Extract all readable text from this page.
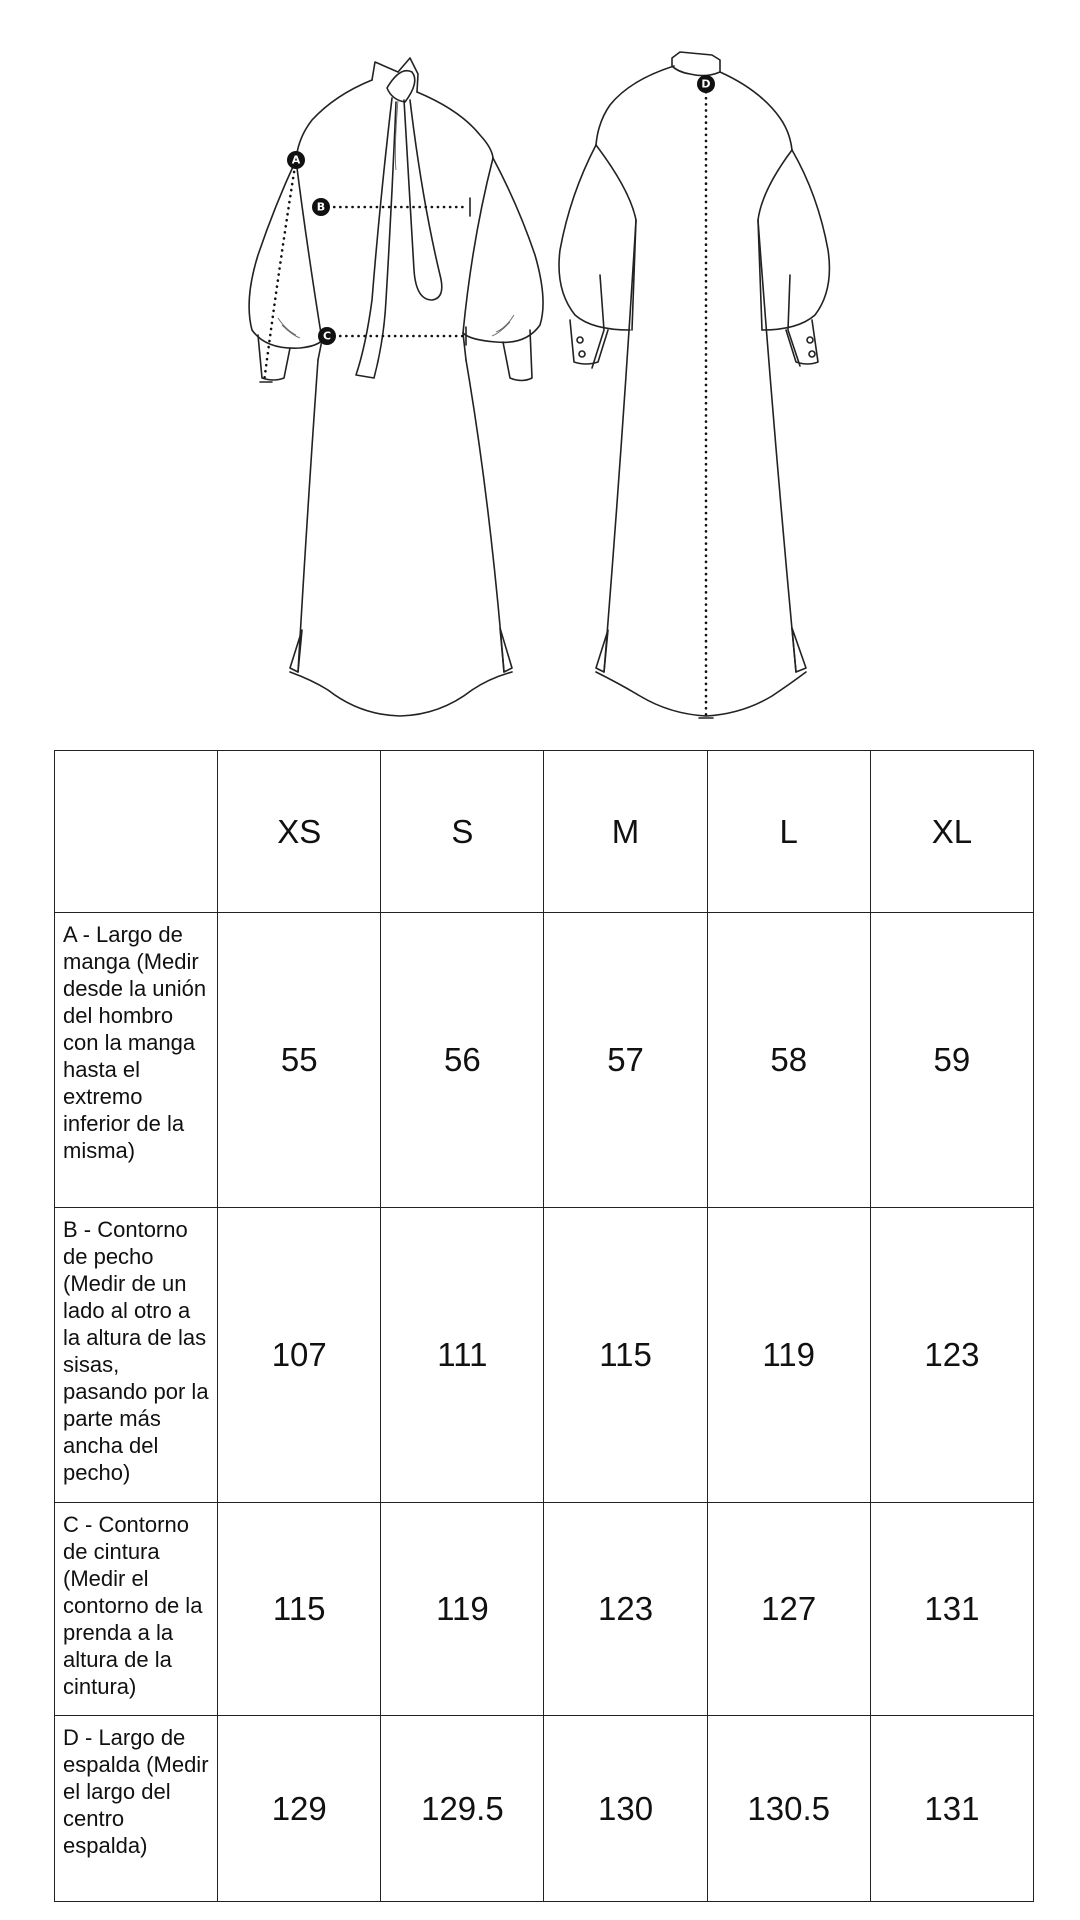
A
B
C
D
	XS	S	M	L	XL
A - Largo de manga (Medir desde la unión del hombro con la manga hasta el extremo inferior de la misma)	55	56	57	58	59
B - Contorno de pecho (Medir de un lado al otro a la altura de las sisas, pasando por la parte más ancha del pecho)	107	111	115	119	123
C - Contorno de cintura (Medir el contorno de la prenda a la altura de la cintura)	115	119	123	127	131
D - Largo de espalda (Medir el largo del centro espalda)	129	129.5	130	130.5	131
